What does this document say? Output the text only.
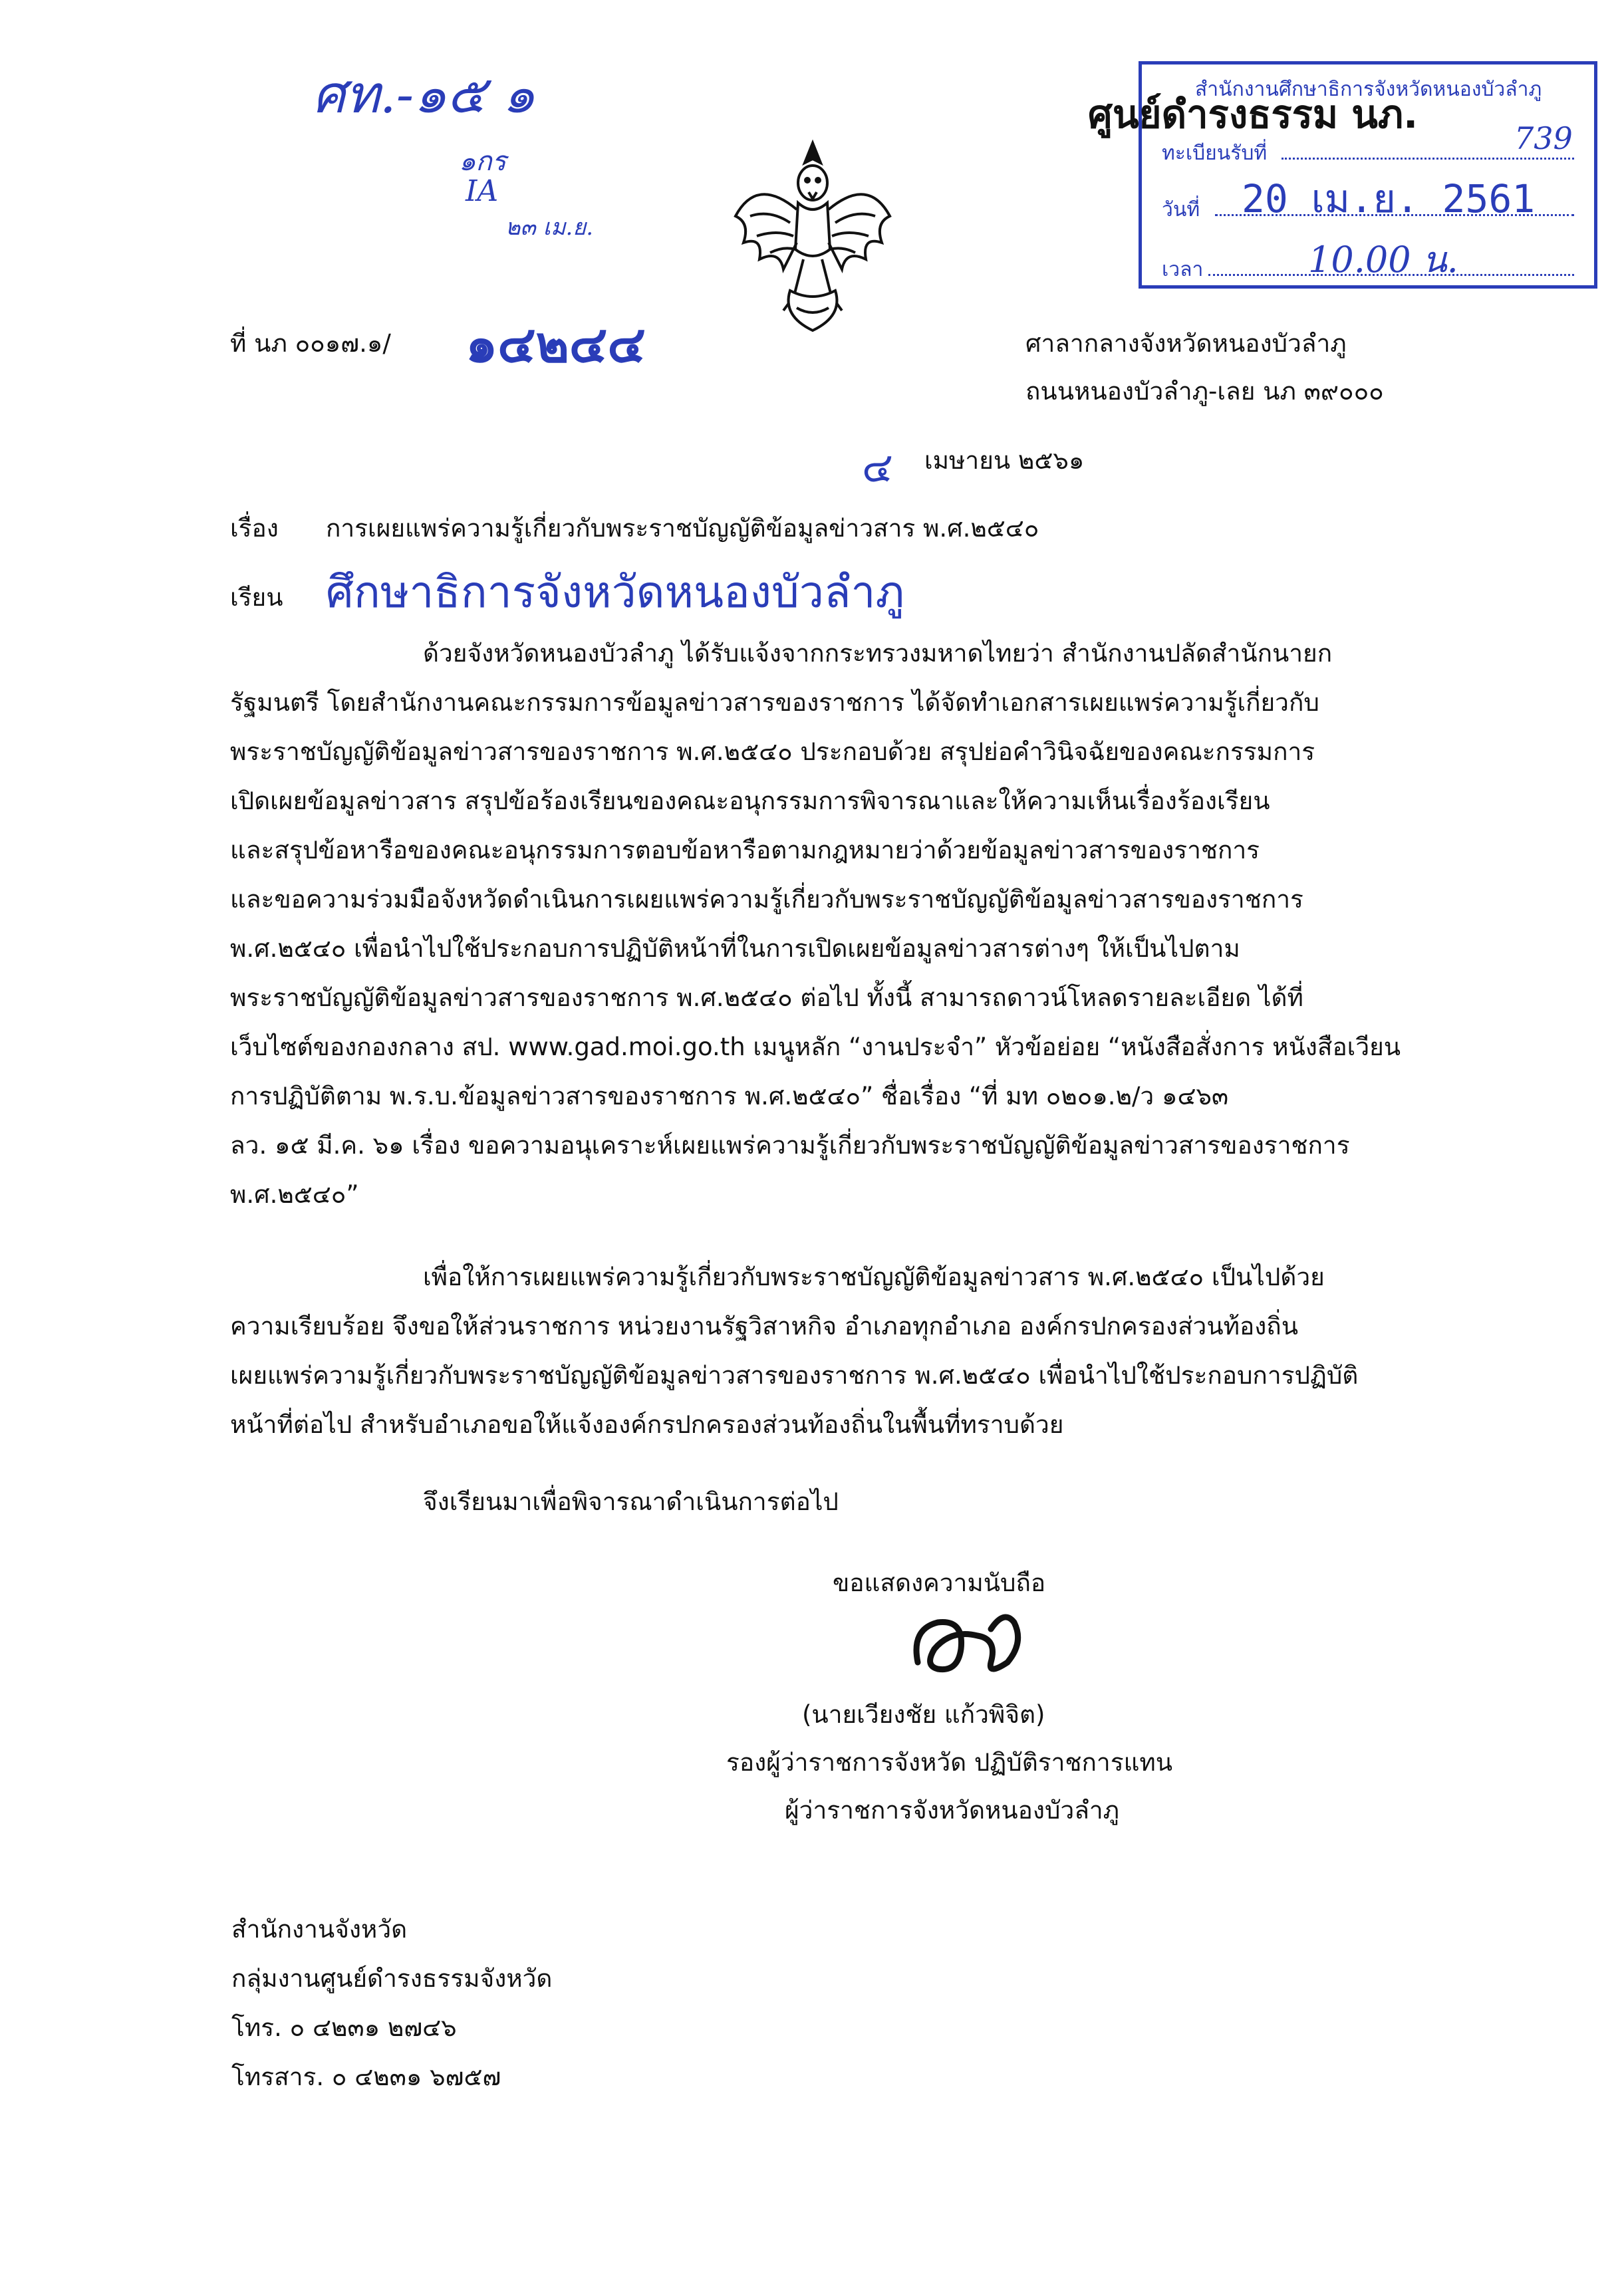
ศท.-๑๕ ๑
๑กร
IA
๒๓ เม.ย.
สำนักงานศึกษาธิการจังหวัดหนองบัวลำภู
ทะเบียนรับที่	739
วันที่ 20 เม.ย. 2561
เวลา	10.00 น.
ศูนย์ดำรงธรรม นภ.
ที่ นภ ๐๐๑๗.๑/ ๑๔๒๔๔	ศาลากลางจังหวัดหนองบัวลำภู
ถนนหนองบัวลำภู-เลย นภ ๓๙๐๐๐
๔ เมษายน ๒๕๖๑
เรื่อง การเผยแพร่ความรู้เกี่ยวกับพระราชบัญญัติข้อมูลข่าวสาร พ.ศ.๒๕๔๐
เรียน ศึกษาธิการจังหวัดหนองบัวลำภู
ด้วยจังหวัดหนองบัวลำภู ได้รับแจ้งจากกระทรวงมหาดไทยว่า สำนักงานปลัดสำนักนายก
รัฐมนตรี โดยสำนักงานคณะกรรมการข้อมูลข่าวสารของราชการ ได้จัดทำเอกสารเผยแพร่ความรู้เกี่ยวกับ
พระราชบัญญัติข้อมูลข่าวสารของราชการ พ.ศ.๒๕๔๐ ประกอบด้วย สรุปย่อคำวินิจฉัยของคณะกรรมการ
เปิดเผยข้อมูลข่าวสาร สรุปข้อร้องเรียนของคณะอนุกรรมการพิจารณาและให้ความเห็นเรื่องร้องเรียน
และสรุปข้อหารือของคณะอนุกรรมการตอบข้อหารือตามกฎหมายว่าด้วยข้อมูลข่าวสารของราชการ
และขอความร่วมมือจังหวัดดำเนินการเผยแพร่ความรู้เกี่ยวกับพระราชบัญญัติข้อมูลข่าวสารของราชการ
พ.ศ.๒๕๔๐ เพื่อนำไปใช้ประกอบการปฏิบัติหน้าที่ในการเปิดเผยข้อมูลข่าวสารต่างๆ ให้เป็นไปตาม
พระราชบัญญัติข้อมูลข่าวสารของราชการ พ.ศ.๒๕๔๐ ต่อไป ทั้งนี้ สามารถดาวน์โหลดรายละเอียด ได้ที่
เว็บไซต์ของกองกลาง สป. www.gad.moi.go.th เมนูหลัก “งานประจำ” หัวข้อย่อย “หนังสือสั่งการ หนังสือเวียน
การปฏิบัติตาม พ.ร.บ.ข้อมูลข่าวสารของราชการ พ.ศ.๒๕๔๐” ชื่อเรื่อง “ที่ มท ๐๒๐๑.๒/ว ๑๔๖๓
ลว. ๑๕ มี.ค. ๖๑ เรื่อง ขอความอนุเคราะห์เผยแพร่ความรู้เกี่ยวกับพระราชบัญญัติข้อมูลข่าวสารของราชการ
พ.ศ.๒๕๔๐”
เพื่อให้การเผยแพร่ความรู้เกี่ยวกับพระราชบัญญัติข้อมูลข่าวสาร พ.ศ.๒๕๔๐ เป็นไปด้วย
ความเรียบร้อย จึงขอให้ส่วนราชการ หน่วยงานรัฐวิสาหกิจ อำเภอทุกอำเภอ องค์กรปกครองส่วนท้องถิ่น
เผยแพร่ความรู้เกี่ยวกับพระราชบัญญัติข้อมูลข่าวสารของราชการ พ.ศ.๒๕๔๐ เพื่อนำไปใช้ประกอบการปฏิบัติ
หน้าที่ต่อไป สำหรับอำเภอขอให้แจ้งองค์กรปกครองส่วนท้องถิ่นในพื้นที่ทราบด้วย
จึงเรียนมาเพื่อพิจารณาดำเนินการต่อไป
ขอแสดงความนับถือ
(นายเวียงชัย แก้วพิจิต)
รองผู้ว่าราชการจังหวัด ปฏิบัติราชการแทน
ผู้ว่าราชการจังหวัดหนองบัวลำภู
สำนักงานจังหวัด
กลุ่มงานศูนย์ดำรงธรรมจังหวัด
โทร. ๐ ๔๒๓๑ ๒๗๔๖
โทรสาร. ๐ ๔๒๓๑ ๖๗๕๗
